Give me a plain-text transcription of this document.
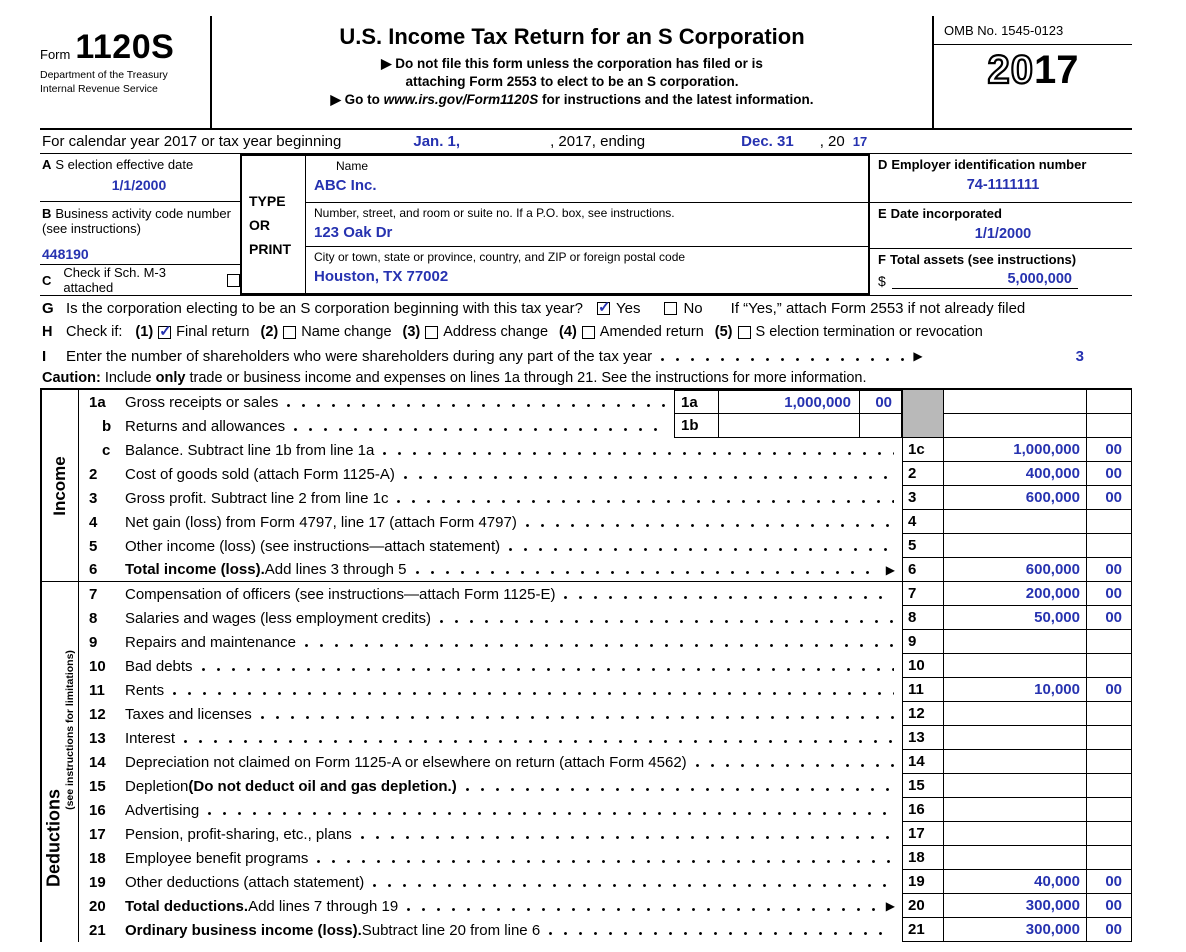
Form 1120S
Department of the Treasury
Internal Revenue Service
U.S. Income Tax Return for an S Corporation
▶ Do not file this form unless the corporation has filed or is
attaching Form 2553 to elect to be an S corporation.
▶ Go to www.irs.gov/Form1120S for instructions and the latest information.
OMB No. 1545-0123
20 17
For calendar year 2017 or tax year beginning	Jan. 1,	, 2017, ending	Dec. 31 , 20 17
A S election effective date
1/1/2000
B Business activity code number (see instructions)
448190
C Check if Sch. M-3 attached
TYPE
OR
PRINT
Name
ABC Inc.
Number, street, and room or suite no. If a P.O. box, see instructions.
123 Oak Dr
City or town, state or province, country, and ZIP or foreign postal code
Houston, TX 77002
D Employer identification number
74-1111111
E Date incorporated
1/1/2000
F Total assets (see instructions)
$	5,000,000
G Is the corporation electing to be an S corporation beginning with this tax year? ✓ Yes	No If “Yes,” attach Form 2553 if not already filed
H Check if: (1) ✓ Final return (2) Name change (3) Address change (4) Amended return (5) S election termination or revocation
I	Enter the number of shareholders who were shareholders during any part of the tax year	▶	3
Caution: Include only trade or business income and expenses on lines 1a through 21. See the instructions for more information.
Income
Deductions
(see instructions for limitations)
1a	Gross receipts or sales	1a	1,000,000	00
b Returns and allowances	1b
c Balance. Subtract line 1b from line 1a	1c	1,000,000	00
2	Cost of goods sold (attach Form 1125-A)	2	400,000	00
3	Gross profit. Subtract line 2 from line 1c	3	600,000	00
4	Net gain (loss) from Form 4797, line 17 (attach Form 4797)	4
5	Other income (loss) (see instructions—attach statement)	5
6	Total income (loss). Add lines 3 through 5	▶ 6	600,000	00
7	Compensation of officers (see instructions—attach Form 1125-E)	7	200,000	00
8	Salaries and wages (less employment credits)	8	50,000	00
9	Repairs and maintenance	9
10	Bad debts	10
11	Rents	11	10,000	00
12	Taxes and licenses	12
13	Interest	13
14	Depreciation not claimed on Form 1125-A or elsewhere on return (attach Form 4562)	14
15	Depletion (Do not deduct oil and gas depletion.)	15
16	Advertising	16
17	Pension, profit-sharing, etc., plans	17
18	Employee benefit programs	18
19	Other deductions (attach statement)	19	40,000	00
20	Total deductions. Add lines 7 through 19	▶ 20	300,000	00
21	Ordinary business income (loss). Subtract line 20 from line 6	21	300,000	00
